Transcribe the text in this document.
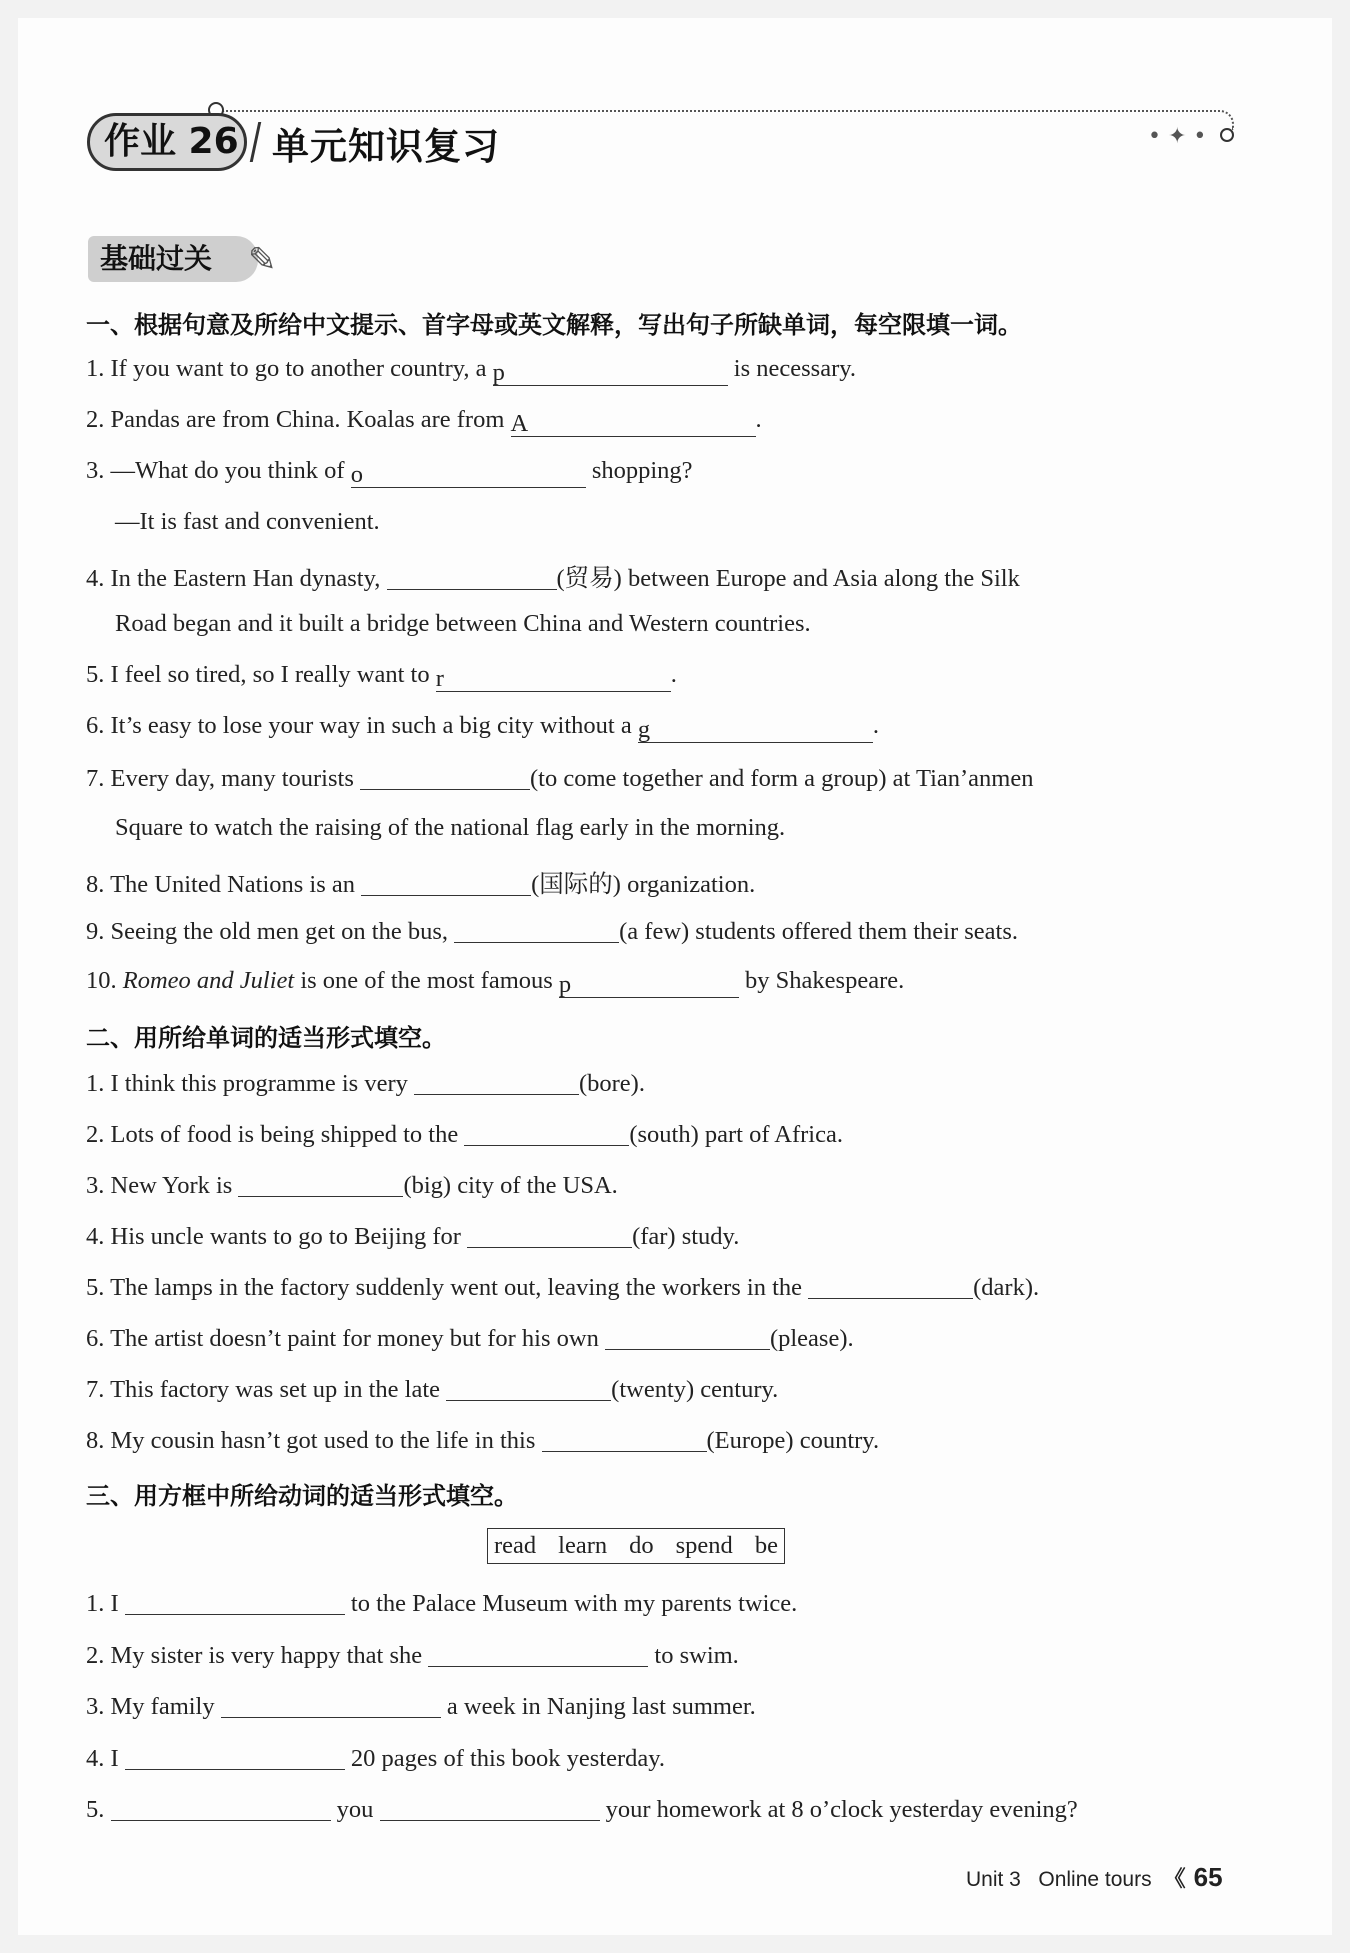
作业 26 单元知识复习	• ✦ •
基础过关	✎
一、根据句意及所给中文提示、首字母或英文解释，写出句子所缺单词，每空限填一词。
1. If you want to go to another country, a p	is necessary.
2. Pandas are from China. Koalas are from A	.
3. —What do you think of o	shopping?
—It is fast and convenient.
4. In the Eastern Han dynasty,	(贸易) between Europe and Asia along the Silk
Road began and it built a bridge between China and Western countries.
5. I feel so tired, so I really want to r	.
6. It’s easy to lose your way in such a big city without a g	.
7. Every day, many tourists	(to come together and form a group) at Tian’anmen
Square to watch the raising of the national flag early in the morning.
8. The United Nations is an	(国际的) organization.
9. Seeing the old men get on the bus,	(a few) students offered them their seats.
10. Romeo and Juliet is one of the most famous p	by Shakespeare.
二、用所给单词的适当形式填空。
1. I think this programme is very	(bore).
2. Lots of food is being shipped to the	(south) part of Africa.
3. New York is	(big) city of the USA.
4. His uncle wants to go to Beijing for	(far) study.
5. The lamps in the factory suddenly went out, leaving the workers in the	(dark).
6. The artist doesn’t paint for money but for his own	(please).
7. This factory was set up in the late	(twenty) century.
8. My cousin hasn’t got used to the life in this	(Europe) country.
三、用方框中所给动词的适当形式填空。
read learn do spend be
1. I	to the Palace Museum with my parents twice.
2. My sister is very happy that she	to swim.
3. My family	a week in Nanjing last summer.
4. I	20 pages of this book yesterday.
5.	you	your homework at 8 o’clock yesterday evening?
Unit 3 Online tours 《 65
